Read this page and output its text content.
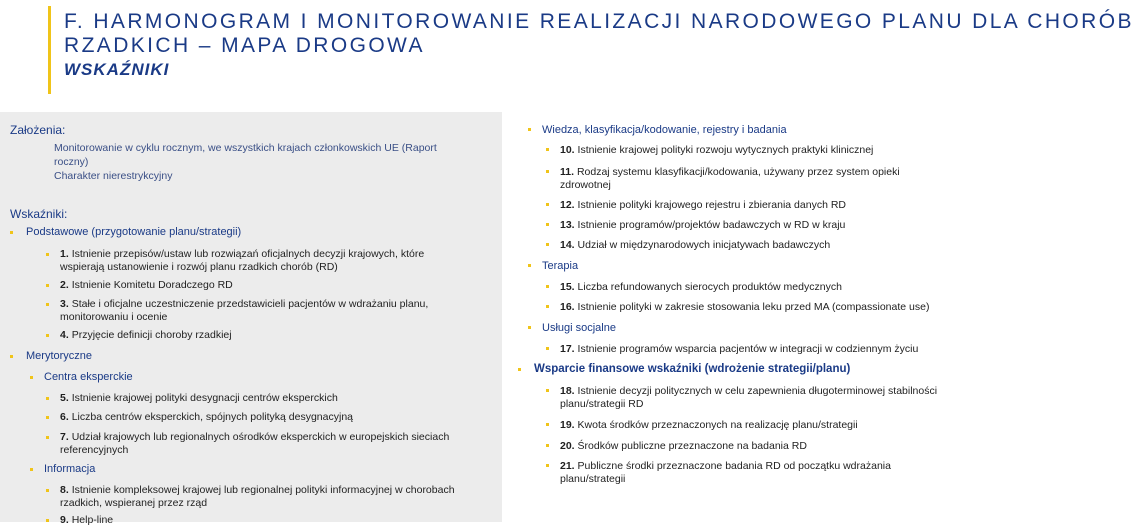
F. HARMONOGRAM I MONITOROWANIE REALIZACJI NARODOWEGO PLANU DLA CHORÓB
RZADKICH – MAPA DROGOWA
WSKAŹNIKI
Założenia:
Monitorowanie w cyklu rocznym, we wszystkich krajach członkowskich UE (Raport
roczny)
Charakter nierestrykcyjny
Wskaźniki:
Podstawowe (przygotowanie planu/strategii)
1. Istnienie przepisów/ustaw lub rozwiązań oficjalnych decyzji krajowych, które
wspierają ustanowienie i rozwój planu rzadkich chorób (RD)
2. Istnienie Komitetu Doradczego RD
3. Stałe i oficjalne uczestniczenie przedstawicieli pacjentów w wdrażaniu planu,
monitorowaniu i ocenie
4. Przyjęcie definicji choroby rzadkiej
Merytoryczne
Centra eksperckie
5. Istnienie krajowej polityki desygnacji centrów eksperckich
6. Liczba centrów eksperckich, spójnych polityką desygnacyjną
7. Udział krajowych lub regionalnych ośrodków eksperckich w europejskich sieciach
referencyjnych
Informacja
8. Istnienie kompleksowej krajowej lub regionalnej polityki informacyjnej w chorobach
rzadkich, wspieranej przez rząd
9. Help-line
Wiedza, klasyfikacja/kodowanie, rejestry i badania
10. Istnienie krajowej polityki rozwoju wytycznych praktyki klinicznej
11. Rodzaj systemu klasyfikacji/kodowania, używany przez system opieki
zdrowotnej
12. Istnienie polityki krajowego rejestru i zbierania danych RD
13. Istnienie programów/projektów badawczych w RD w kraju
14. Udział w międzynarodowych inicjatywach badawczych
Terapia
15. Liczba refundowanych sierocych produktów medycznych
16. Istnienie polityki w zakresie stosowania leku przed MA (compassionate use)
Usługi socjalne
17. Istnienie programów wsparcia pacjentów w integracji w codziennym życiu
Wsparcie finansowe wskaźniki (wdrożenie strategii/planu)
18. Istnienie decyzji politycznych w celu zapewnienia długoterminowej stabilności
planu/strategii RD
19. Kwota środków przeznaczonych na realizację planu/strategii
20. Środków publiczne przeznaczone na badania RD
21. Publiczne środki przeznaczone badania RD od początku wdrażania
planu/strategii
